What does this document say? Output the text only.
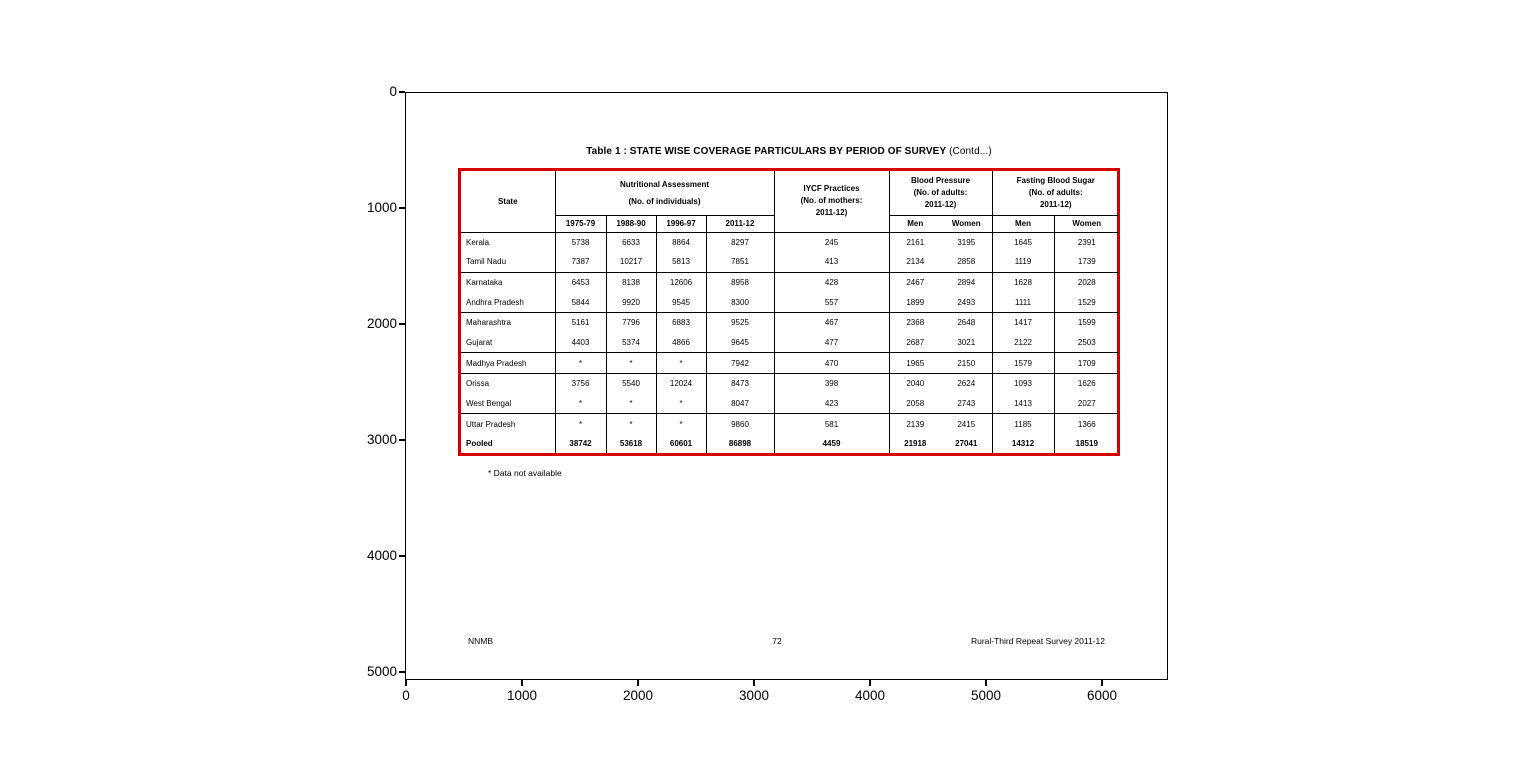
0
1000
2000
3000
4000
5000
0	1000	2000	3000	4000	5000	6000
Table 1 : STATE WISE COVERAGE PARTICULARS BY PERIOD OF SURVEY (Contd...)
State	
Nutritional Assessment
(No. of individuals)

IYCF Practices
(No. of mothers:
2011-12)

Blood Pressure
(No. of adults:
2011-12)

Fasting Blood Sugar
(No. of adults:
2011-12)

	1975-79	1988-90	1996-97	2011-12		Men	Women	Men	Women
Kerala	5738	6633	8864	8297	245	2161	3195	1645	2391
Tamil Nadu	7387	10217	5813	7851	413	2134	2858	1119	1739
Karnataka	6453	8138	12606	8958	428	2467	2894	1628	2028
Andhra Pradesh	5844	9920	9545	8300	557	1899	2493	1111	1529
Maharashtra	5161	7796	6883	9525	467	2368	2648	1417	1599
Gujarat	4403	5374	4866	9645	477	2687	3021	2122	2503
Madhya Pradesh	*	*	*	7942	470	1965	2150	1579	1709
Orissa	3756	5540	12024	8473	398	2040	2624	1093	1626
West Bengal	*	*	*	8047	423	2058	2743	1413	2027
Uttar Pradesh	*	*	*	9860	581	2139	2415	1185	1366
Pooled	38742	53618	60601	86898	4459	21918	27041	14312	18519
* Data not available
NNMB	72	Rural-Third Repeat Survey 2011-12
